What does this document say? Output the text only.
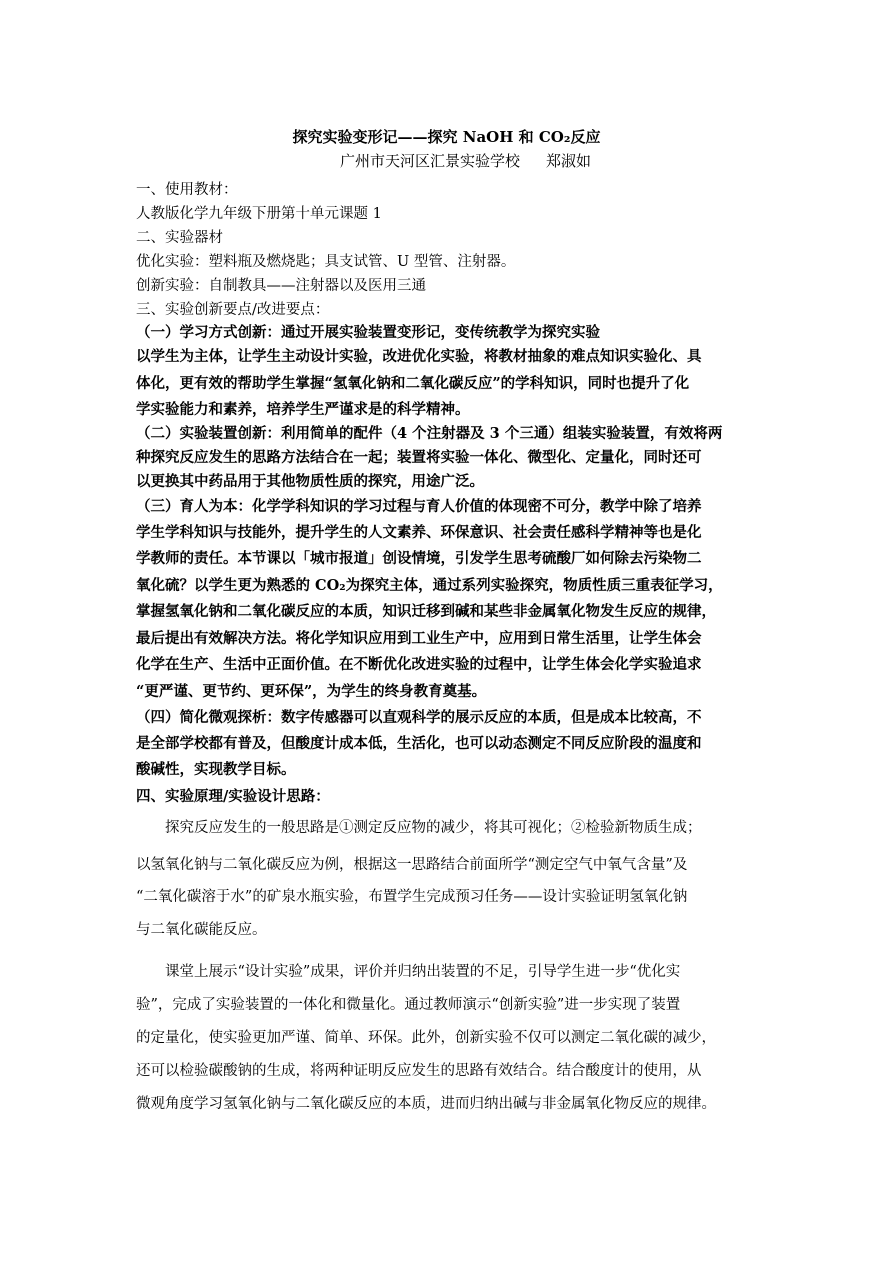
探究实验变形记——探究 NaOH 和 CO₂反应
广州市天河区汇景实验学校 郑淑如
一、使用教材：
人教版化学九年级下册第十单元课题 1
二、实验器材
优化实验：塑料瓶及燃烧匙；具支试管、U 型管、注射器。
创新实验：自制教具——注射器以及医用三通
三、实验创新要点/改进要点：
（一）学习方式创新：通过开展实验装置变形记，变传统教学为探究实验
以学生为主体，让学生主动设计实验，改进优化实验，将教材抽象的难点知识实验化、具
体化，更有效的帮助学生掌握“氢氧化钠和二氧化碳反应”的学科知识，同时也提升了化
学实验能力和素养，培养学生严谨求是的科学精神。
（二）实验装置创新：利用简单的配件（4 个注射器及 3 个三通）组装实验装置，有效将两
种探究反应发生的思路方法结合在一起；装置将实验一体化、微型化、定量化，同时还可
以更换其中药品用于其他物质性质的探究，用途广泛。
（三）育人为本：化学学科知识的学习过程与育人价值的体现密不可分，教学中除了培养
学生学科知识与技能外，提升学生的人文素养、环保意识、社会责任感科学精神等也是化
学教师的责任。本节课以「城市报道」创设情境，引发学生思考硫酸厂如何除去污染物二
氧化硫？以学生更为熟悉的 CO₂为探究主体，通过系列实验探究，物质性质三重表征学习，
掌握氢氧化钠和二氧化碳反应的本质，知识迁移到碱和某些非金属氧化物发生反应的规律，
最后提出有效解决方法。将化学知识应用到工业生产中，应用到日常生活里，让学生体会
化学在生产、生活中正面价值。在不断优化改进实验的过程中，让学生体会化学实验追求
“更严谨、更节约、更环保”，为学生的终身教育奠基。
（四）简化微观探析：数字传感器可以直观科学的展示反应的本质，但是成本比较高，不
是全部学校都有普及，但酸度计成本低，生活化，也可以动态测定不同反应阶段的温度和
酸碱性，实现教学目标。
四、实验原理/实验设计思路：
探究反应发生的一般思路是①测定反应物的减少，将其可视化；②检验新物质生成；
以氢氧化钠与二氧化碳反应为例，根据这一思路结合前面所学“测定空气中氧气含量”及
“二氧化碳溶于水”的矿泉水瓶实验，布置学生完成预习任务——设计实验证明氢氧化钠
与二氧化碳能反应。
课堂上展示“设计实验”成果，评价并归纳出装置的不足，引导学生进一步“优化实
验”，完成了实验装置的一体化和微量化。通过教师演示“创新实验”进一步实现了装置
的定量化，使实验更加严谨、简单、环保。此外，创新实验不仅可以测定二氧化碳的减少，
还可以检验碳酸钠的生成，将两种证明反应发生的思路有效结合。结合酸度计的使用，从
微观角度学习氢氧化钠与二氧化碳反应的本质，进而归纳出碱与非金属氧化物反应的规律。
